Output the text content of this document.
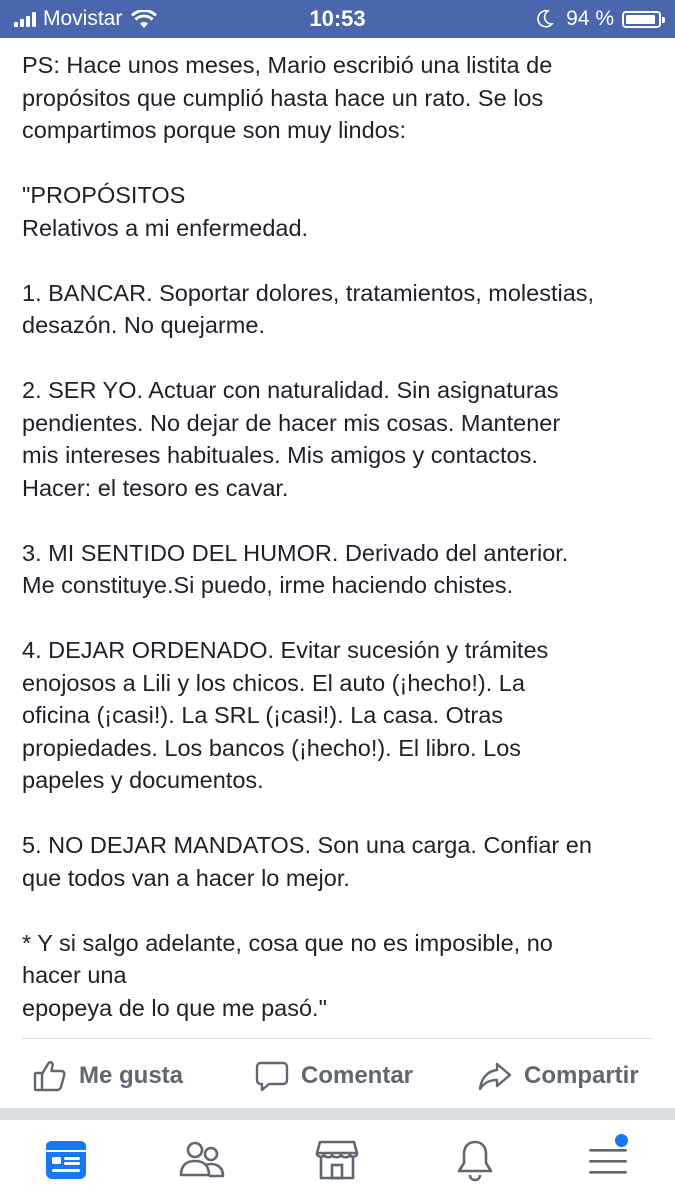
Movistar	10:53	94 %

PS: Hace unos meses, Mario escribió una listita de
propósitos que cumplió hasta hace un rato. Se los
compartimos porque son muy lindos:

"PROPÓSITOS
Relativos a mi enfermedad.

1. BANCAR. Soportar dolores, tratamientos, molestias,
desazón. No quejarme.

2. SER YO. Actuar con naturalidad. Sin asignaturas
pendientes. No dejar de hacer mis cosas. Mantener
mis intereses habituales. Mis amigos y contactos.
Hacer: el tesoro es cavar.

3. MI SENTIDO DEL HUMOR. Derivado del anterior.
Me constituye.Si puedo, irme haciendo chistes.

4. DEJAR ORDENADO. Evitar sucesión y trámites
enojosos a Lili y los chicos. El auto (¡hecho!). La
oficina (¡casi!). La SRL (¡casi!). La casa. Otras
propiedades. Los bancos (¡hecho!). El libro. Los
papeles y documentos.

5. NO DEJAR MANDATOS. Son una carga. Confiar en
que todos van a hacer lo mejor.

* Y si salgo adelante, cosa que no es imposible, no
hacer una
epopeya de lo que me pasó."

Me gusta	Comentar	Compartir
